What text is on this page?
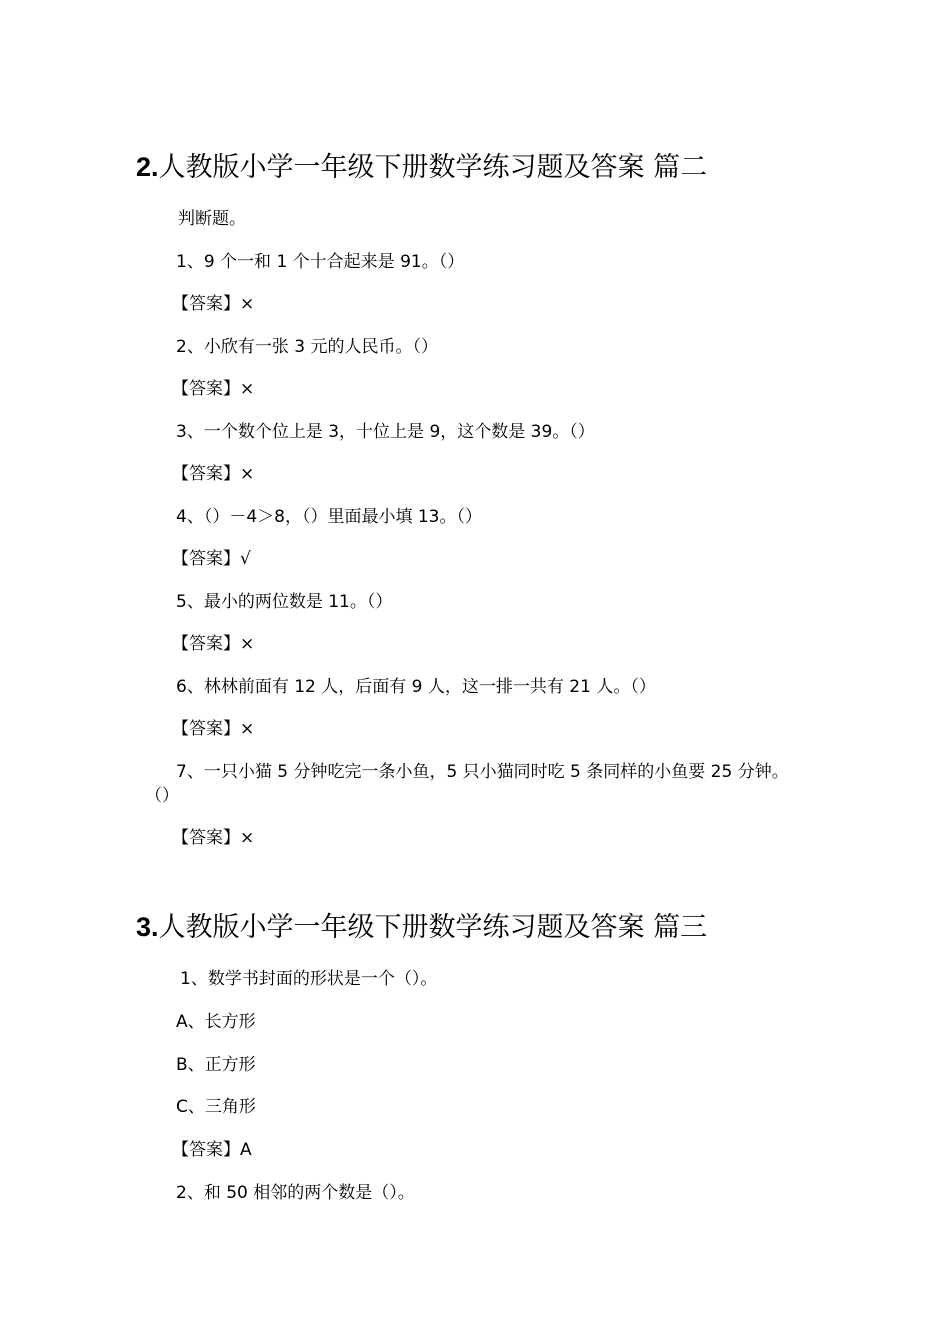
2.人教版小学一年级下册数学练习题及答案 篇二
判断题。
1、9 个一和 1 个十合起来是 91。（）
【答案】×
2、小欣有一张 3 元的人民币。（）
【答案】×
3、一个数个位上是 3，十位上是 9，这个数是 39。（）
【答案】×
4、（）－4＞8，（）里面最小填 13。（）
【答案】√
5、最小的两位数是 11。（）
【答案】×
6、林林前面有 12 人，后面有 9 人，这一排一共有 21 人。（）
【答案】×
7、一只小猫 5 分钟吃完一条小鱼，5 只小猫同时吃 5 条同样的小鱼要 25 分钟。
（）
【答案】×
3.人教版小学一年级下册数学练习题及答案 篇三
1、数学书封面的形状是一个（）。
A、长方形
B、正方形
C、三角形
【答案】A
2、和 50 相邻的两个数是（）。
